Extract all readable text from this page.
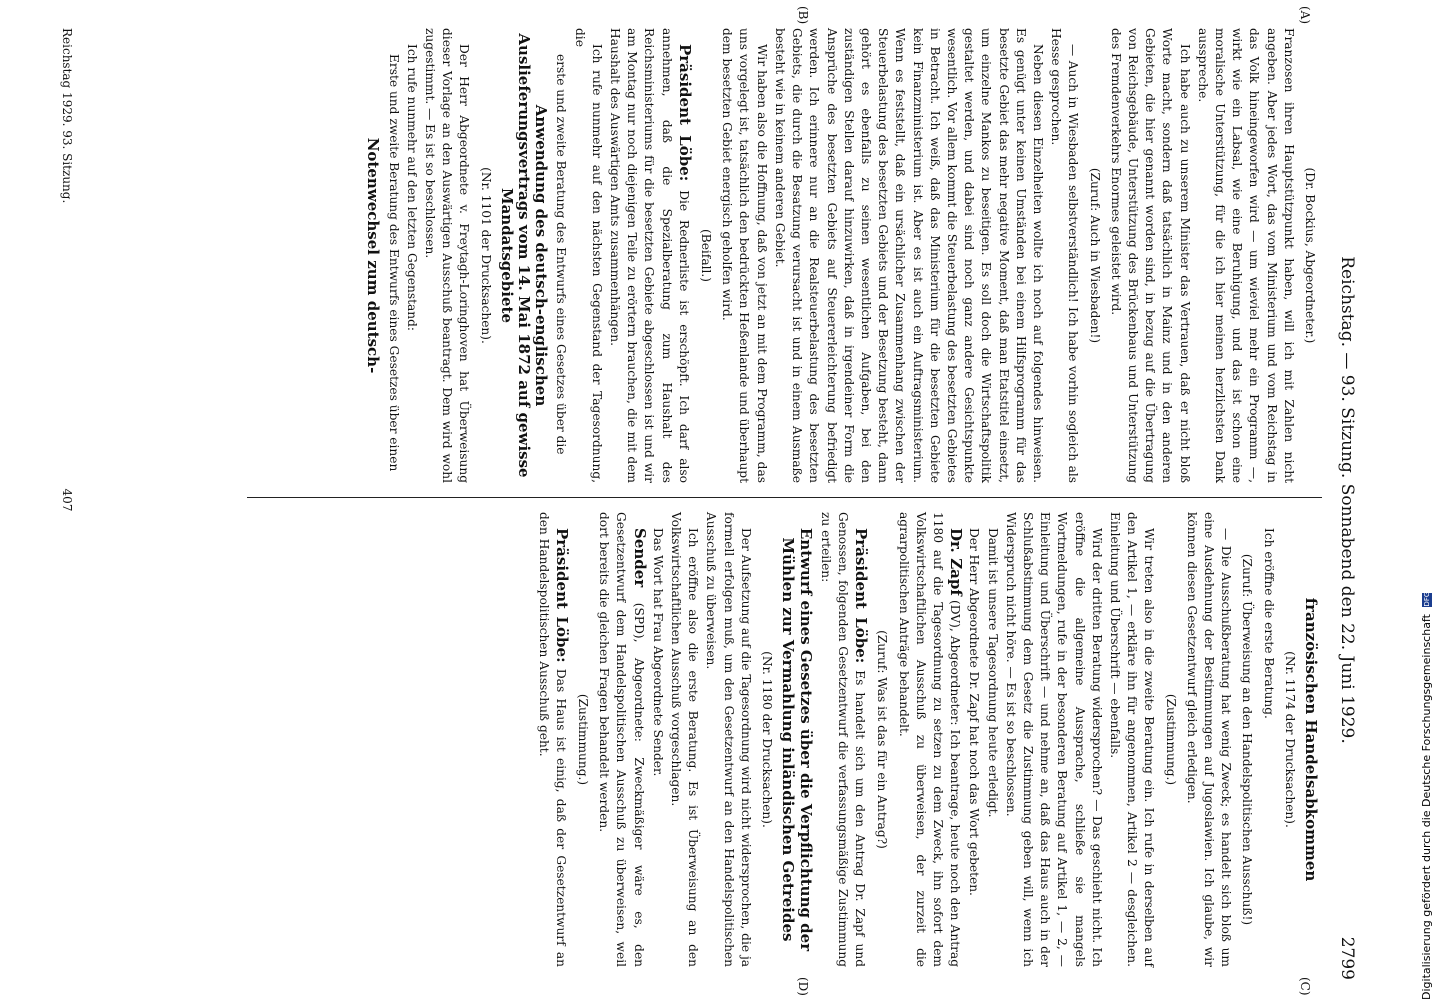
Reichstag. — 93. Sitzung. Sonnabend den 22. Juni 1929.
2799
(A)
(B)
(C)
(D)

(Dr. Bockius, Abgeordneter.)

Franzosen ihren Hauptstützpunkt haben, will ich mit Zahlen nicht angeben. Aber jedes Wort, das vom Ministerium und vom Reichstag in das Volk hineingeworfen wird — um wieviel mehr ein Programm —, wirkt wie ein Labsal, wie eine Beruhigung, und das ist schon eine moralische Unterstützung, für die ich hier meinen herzlichsten Dank ausspreche.

Ich habe auch zu unserem Minister das Vertrauen, daß er nicht bloß Worte macht, sondern daß tatsächlich in Mainz und in den anderen Gebieten, die hier genannt worden sind, in bezug auf die Übertragung von Reichsgebäude, Unterstützung des Brückenbaus und Unterstützung des Fremdenverkehrs Enormes geleistet wird.

(Zuruf: Auch in Wiesbaden!)

— Auch in Wiesbaden selbstverständlich! Ich habe vorhin sogleich als Hesse gesprochen.

Neben diesen Einzelheiten wollte ich noch auf folgendes hinweisen. Es genügt unter keinen Umständen bei einem Hilfsprogramm für das besetzte Gebiet das mehr negative Moment, daß man Etatstitel einsetzt, um einzelne Mankos zu beseitigen. Es soll doch die Wirtschaftspolitik gestaltet werden, und dabei sind noch ganz andere Gesichtspunkte wesentlich. Vor allem kommt die Steuerbelastung des besetzten Gebietes in Betracht. Ich weiß, daß das Ministerium für die besetzten Gebiete kein Finanzministerium ist. Aber es ist auch ein Auftragsministerium. Wenn es feststellt, daß ein ursächlicher Zusammenhang zwischen der Steuerbelastung des besetzten Gebiets und der Besetzung besteht, dann gehört es ebenfalls zu seinen wesentlichen Aufgaben, bei den zuständigen Stellen darauf hinzuwirken, daß in irgendeiner Form die Ansprüche des besetzten Gebiets auf Steuererleichterung befriedigt werden. Ich erinnere nur an die Realsteuerbelastung des besetzten Gebiets, die durch die Besatzung verursacht ist und in einem Ausmaße besteht wie in keinem anderen Gebiet.

Wir haben also die Hoffnung, daß von jetzt an mit dem Programm, das uns vorgelegt ist, tatsächlich den bedrückten Heßenlande und überhaupt dem besetzten Gebiet energisch geholfen wird.

(Beifall.)

Präsident Löbe: Die Rednerliste ist erschöpft. Ich darf also annehmen, daß die Spezialberatung zum Haushalt des Reichsministeriums für die besetzten Gebiete abgeschlossen ist und wir am Montag nur noch diejenigen Teile zu erörtern brauchen, die mit dem Haushalt des Auswärtigen Amts zusammenhängen.

Ich rufe nunmehr auf den nächsten Gegenstand der Tagesordnung, die

erste und zweite Beratung des Entwurfs eines Gesetzes über die

Anwendung des deutsch-englischen Auslieferungsvertrags vom 14. Mai 1872 auf gewisse Mandatsgebiete

(Nr. 1101 der Drucksachen).

Der Herr Abgeordnete v. Freytagh-Loringhoven hat Überweisung dieser Vorlage an den Auswärtigen Ausschuß beantragt. Dem wird wohl zugestimmt. — Es ist so beschlossen.

Ich rufe nunmehr auf den letzten Gegenstand:

Erste und zweite Beratung des Entwurfs eines Gesetzes über einen

Notenwechsel zum deutsch-

französischen Handelsabkommen

(Nr. 1174 der Drucksachen).

Ich eröffne die erste Beratung.

(Zuruf: Überweisung an den Handelspolitischen Ausschuß!)

— Die Ausschußberatung hat wenig Zweck; es handelt sich bloß um eine Ausdehnung der Bestimmungen auf Jugoslawien. Ich glaube, wir können diesen Gesetzentwurf gleich erledigen.

(Zustimmung.)

Wir treten also in die zweite Beratung ein. Ich rufe in derselben auf den Artikel 1, — erkläre ihn für angenommen, Artikel 2 — desgleichen. Einleitung und Überschrift — ebenfalls.

Wird der dritten Beratung widersprochen? — Das geschieht nicht. Ich eröffne die allgemeine Aussprache, schließe sie mangels Wortmeldungen, rufe in der besonderen Beratung auf Artikel 1, — 2, — Einleitung und Überschrift — und nehme an, daß das Haus auch in der Schlußabstimmung dem Gesetz die Zustimmung geben will, wenn ich Widerspruch nicht höre. — Es ist so beschlossen.

Damit ist unsere Tagesordnung heute erledigt.

Der Herr Abgeordnete Dr. Zapf hat noch das Wort gebeten.

Dr. Zapf (DV), Abgeordneter: Ich beantrage, heute noch den Antrag 1180 auf die Tagesordnung zu setzen zu dem Zweck, ihn sofort dem Volkswirtschaftlichen Ausschuß zu überweisen, der zurzeit die agrarpolitischen Anträge behandelt.

(Zuruf: Was ist das für ein Antrag?)

Präsident Löbe: Es handelt sich um den Antrag Dr. Zapf und Genossen, folgenden Gesetzentwurf die verfassungsmäßige Zustimmung zu erteilen:

Entwurf eines Gesetzes über die Verpflichtung der Mühlen zur Vermahlung inländischen Getreides

(Nr. 1180 der Drucksachen).

Der Aufsetzung auf die Tagesordnung wird nicht widersprochen, die ja formell erfolgen muß, um den Gesetzentwurf an den Handelspolitischen Ausschuß zu überweisen.

Ich eröffne also die erste Beratung. Es ist Überweisung an den Volkswirtschaftlichen Ausschuß vorgeschlagen.

Das Wort hat Frau Abgeordnete Sender.

Sender (SPD), Abgeordnete: Zweckmäßiger wäre es, den Gesetzentwurf dem Handelspolitischen Ausschuß zu überweisen, weil dort bereits die gleichen Fragen behandelt werden.

(Zustimmung.)

Präsident Löbe: Das Haus ist einig, daß der Gesetzentwurf an den Handelspolitischen Ausschuß geht.

Reichstag 1929. 93. Sitzung.
407
Digitalisierung gefördert durch die Deutsche Forschungsgemeinschaft DFG
